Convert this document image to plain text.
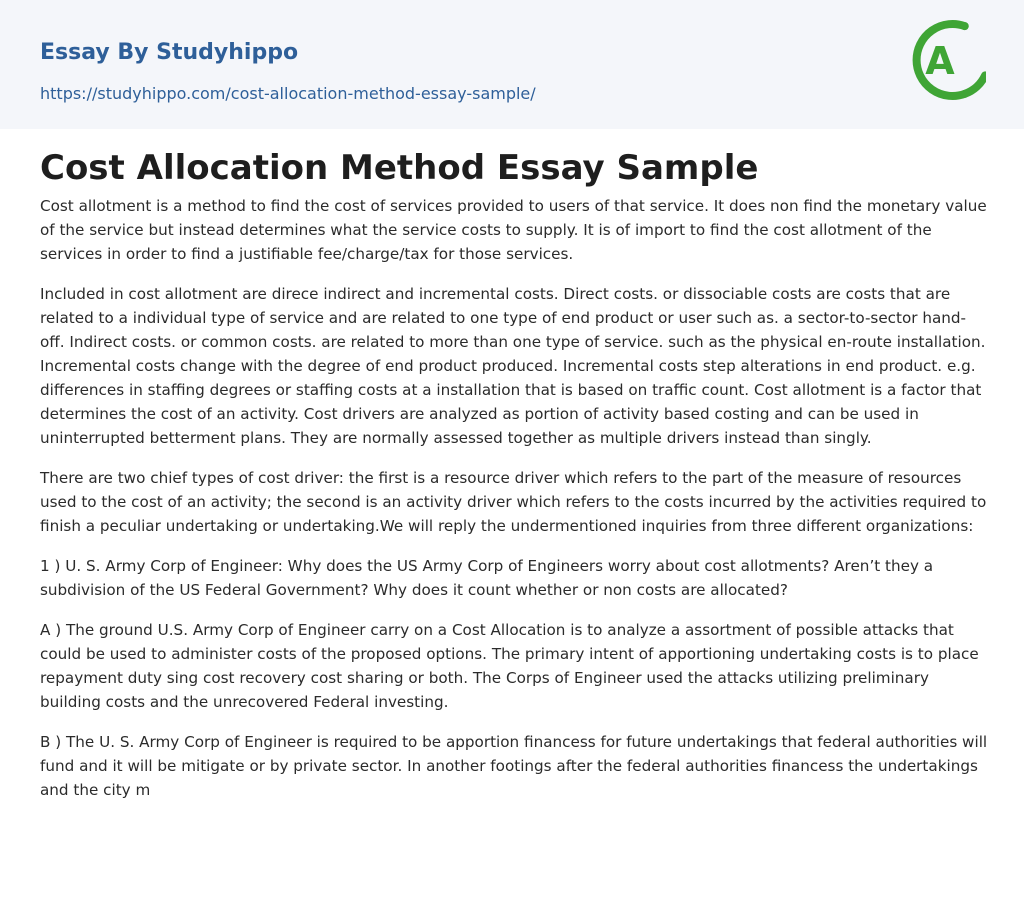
Essay By Studyhippo
https://studyhippo.com/cost-allocation-method-essay-sample/
A
Cost Allocation Method Essay Sample

Cost allotment is a method to find the cost of services provided to users of that service. It does non find the monetary value of the service but instead determines what the service costs to supply. It is of import to find the cost allotment of the services in order to find a justifiable fee/charge/tax for those services.

Included in cost allotment are direce indirect and incremental costs. Direct costs. or dissociable costs are costs that are related to a individual type of service and are related to one type of end product or user such as. a sector-to-sector hand-off. Indirect costs. or common costs. are related to more than one type of service. such as the physical en-route installation. Incremental costs change with the degree of end product produced. Incremental costs step alterations in end product. e.g. differences in staffing degrees or staffing costs at a installation that is based on traffic count. Cost allotment is a factor that determines the cost of an activity. Cost drivers are analyzed as portion of activity based costing and can be used in uninterrupted betterment plans. They are normally assessed together as multiple drivers instead than singly.

There are two chief types of cost driver: the first is a resource driver which refers to the part of the measure of resources used to the cost of an activity; the second is an activity driver which refers to the costs incurred by the activities required to finish a peculiar undertaking or undertaking.We will reply the undermentioned inquiries from three different organizations:

1 ) U. S. Army Corp of Engineer: Why does the US Army Corp of Engineers worry about cost allotments? Aren’t they a subdivision of the US Federal Government? Why does it count whether or non costs are allocated?

A ) The ground U.S. Army Corp of Engineer carry on a Cost Allocation is to analyze a assortment of possible attacks that could be used to administer costs of the proposed options. The primary intent of apportioning undertaking costs is to place repayment duty sing cost recovery cost sharing or both. The Corps of Engineer used the attacks utilizing preliminary building costs and the unrecovered Federal investing.

B ) The U. S. Army Corp of Engineer is required to be apportion financess for future undertakings that federal authorities will fund and it will be mitigate or by private sector. In another footings after the federal authorities financess the undertakings and the city m
